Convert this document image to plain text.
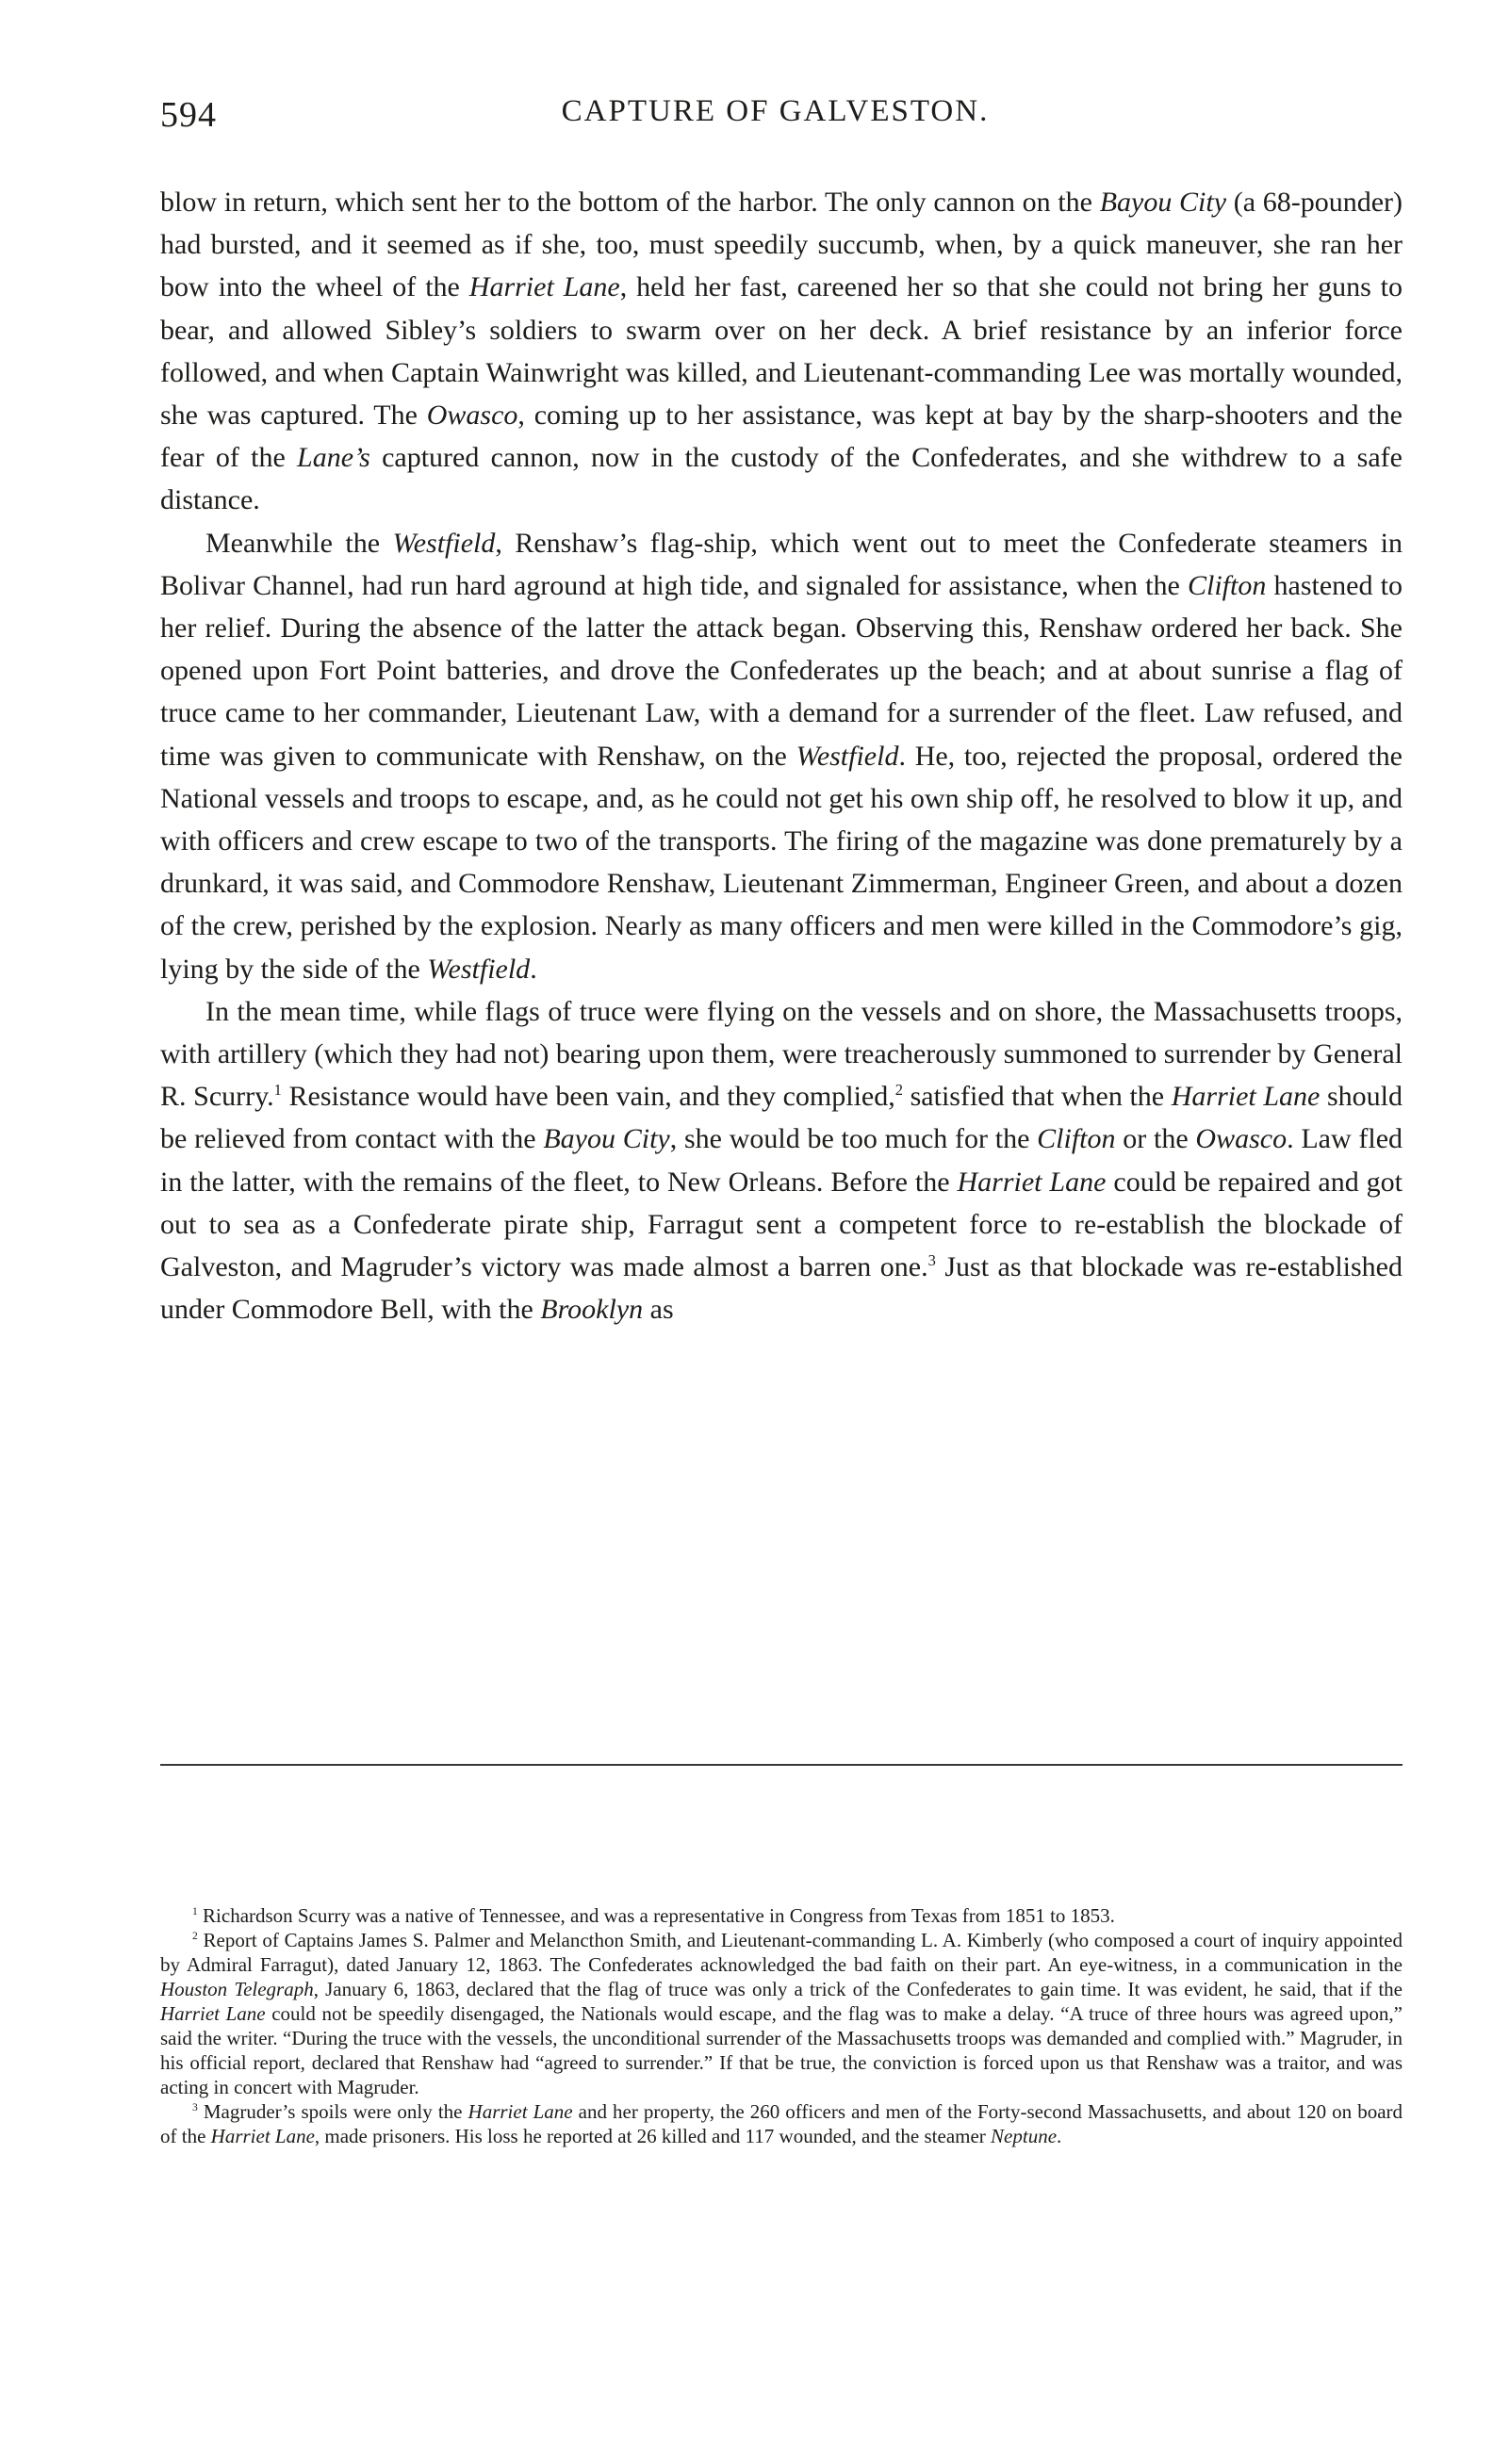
594	CAPTURE OF GALVESTON.

blow in return, which sent her to the bottom of the harbor. The only cannon on the Bayou City (a 68-pounder) had bursted, and it seemed as if she, too, must speedily succumb, when, by a quick maneuver, she ran her bow into the wheel of the Harriet Lane, held her fast, careened her so that she could not bring her guns to bear, and allowed Sibley’s soldiers to swarm over on her deck. A brief resistance by an inferior force followed, and when Captain Wainwright was killed, and Lieutenant-commanding Lee was mortally wounded, she was captured. The Owasco, coming up to her assistance, was kept at bay by the sharp-shooters and the fear of the Lane’s captured cannon, now in the custody of the Confederates, and she withdrew to a safe distance.

Meanwhile the Westfield, Renshaw’s flag-ship, which went out to meet the Confederate steamers in Bolivar Channel, had run hard aground at high tide, and signaled for assistance, when the Clifton hastened to her relief. During the absence of the latter the attack began. Observing this, Renshaw ordered her back. She opened upon Fort Point batteries, and drove the Confederates up the beach; and at about sunrise a flag of truce came to her commander, Lieutenant Law, with a demand for a surrender of the fleet. Law refused, and time was given to communicate with Renshaw, on the Westfield. He, too, rejected the proposal, ordered the National vessels and troops to escape, and, as he could not get his own ship off, he resolved to blow it up, and with officers and crew escape to two of the transports. The firing of the magazine was done prematurely by a drunkard, it was said, and Commodore Renshaw, Lieutenant Zimmerman, Engineer Green, and about a dozen of the crew, perished by the explosion. Nearly as many officers and men were killed in the Commodore’s gig, lying by the side of the Westfield.

In the mean time, while flags of truce were flying on the vessels and on shore, the Massachusetts troops, with artillery (which they had not) bearing upon them, were treacherously summoned to surrender by General R. Scurry.$^1$ Resistance would have been vain, and they complied,$^2$ satisfied that when the Harriet Lane should be relieved from contact with the Bayou City, she would be too much for the Clifton or the Owasco. Law fled in the latter, with the remains of the fleet, to New Orleans. Before the Harriet Lane could be repaired and got out to sea as a Confederate pirate ship, Farragut sent a competent force to re-establish the blockade of Galveston, and Magruder’s victory was made almost a barren one.$^3$ Just as that blockade was re-established under Commodore Bell, with the Brooklyn as

$^1$ Richardson Scurry was a native of Tennessee, and was a representative in Congress from Texas from 1851 to 1853.

$^2$ Report of Captains James S. Palmer and Melancthon Smith, and Lieutenant-commanding L. A. Kimberly (who composed a court of inquiry appointed by Admiral Farragut), dated January 12, 1863. The Confederates acknowledged the bad faith on their part. An eye-witness, in a communication in the Houston Telegraph, January 6, 1863, declared that the flag of truce was only a trick of the Confederates to gain time. It was evident, he said, that if the Harriet Lane could not be speedily disengaged, the Nationals would escape, and the flag was to make a delay. “A truce of three hours was agreed upon,” said the writer. “During the truce with the vessels, the unconditional surrender of the Massachusetts troops was demanded and complied with.” Magruder, in his official report, declared that Renshaw had “agreed to surrender.” If that be true, the conviction is forced upon us that Renshaw was a traitor, and was acting in concert with Magruder.

$^3$ Magruder’s spoils were only the Harriet Lane and her property, the 260 officers and men of the Forty-second Massachusetts, and about 120 on board of the Harriet Lane, made prisoners. His loss he reported at 26 killed and 117 wounded, and the steamer Neptune.
